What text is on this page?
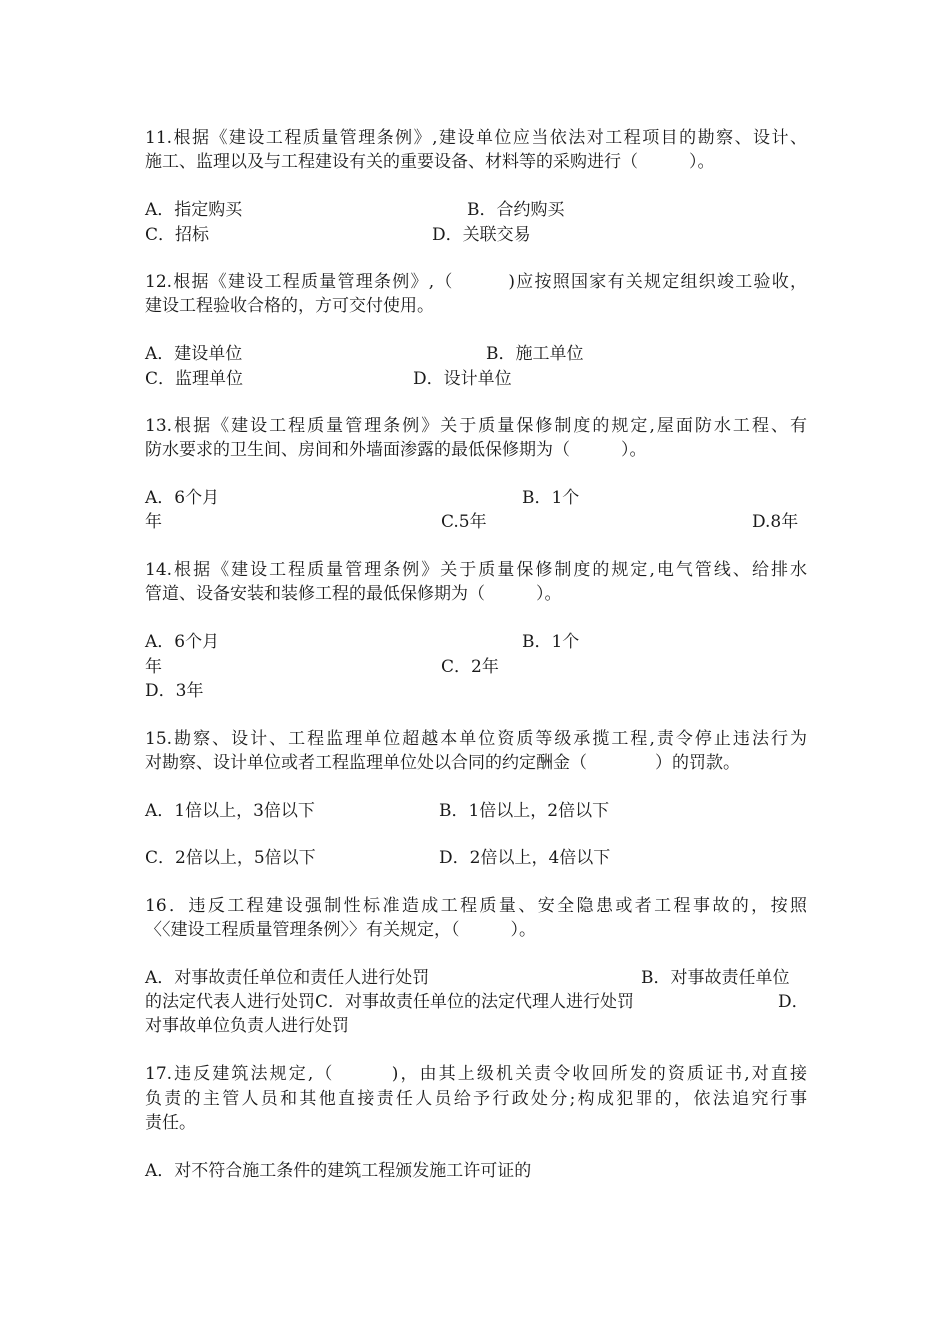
11.根据《建设工程质量管理条例》,建设单位应当依法对工程项目的勘察、设计、
施工、监理以及与工程建设有关的重要设备、材料等的采购进行（　　　）。
A．指定购买	B．合约购买
C．招标	D．关联交易
12.根据《建设工程质量管理条例》,（　　　)应按照国家有关规定组织竣工验收，
建设工程验收合格的，方可交付使用。
A．建设单位	B．施工单位
C．监理单位	D．设计单位
13.根据《建设工程质量管理条例》关于质量保修制度的规定,屋面防水工程、有
防水要求的卫生间、房间和外墙面渗露的最低保修期为（　　　）。
A．6个月	B．1个
年	C.5年	D.8年
14.根据《建设工程质量管理条例》关于质量保修制度的规定,电气管线、给排水
管道、设备安装和装修工程的最低保修期为（　　　）。
A．6个月	B．1个
年	C．2年
D．3年
15.勘察、设计、工程监理单位超越本单位资质等级承揽工程,责令停止违法行为
对勘察、设计单位或者工程监理单位处以合同的约定酬金（　　　　）的罚款。
A．1倍以上，3倍以下	B．1倍以上，2倍以下
C．2倍以上，5倍以下	D．2倍以上，4倍以下
16．违反工程建设强制性标准造成工程质量、安全隐患或者工程事故的，按照
〈〈建设工程质量管理条例〉〉有关规定，（　　　）。
A．对事故责任单位和责任人进行处罚	B．对事故责任单位
的法定代表人进行处罚C．对事故责任单位的法定代理人进行处罚	D．
对事故单位负责人进行处罚
17.违反建筑法规定,（　　　)，由其上级机关责令收回所发的资质证书,对直接
负责的主管人员和其他直接责任人员给予行政处分;构成犯罪的，依法追究行事
责任。
A．对不符合施工条件的建筑工程颁发施工许可证的
